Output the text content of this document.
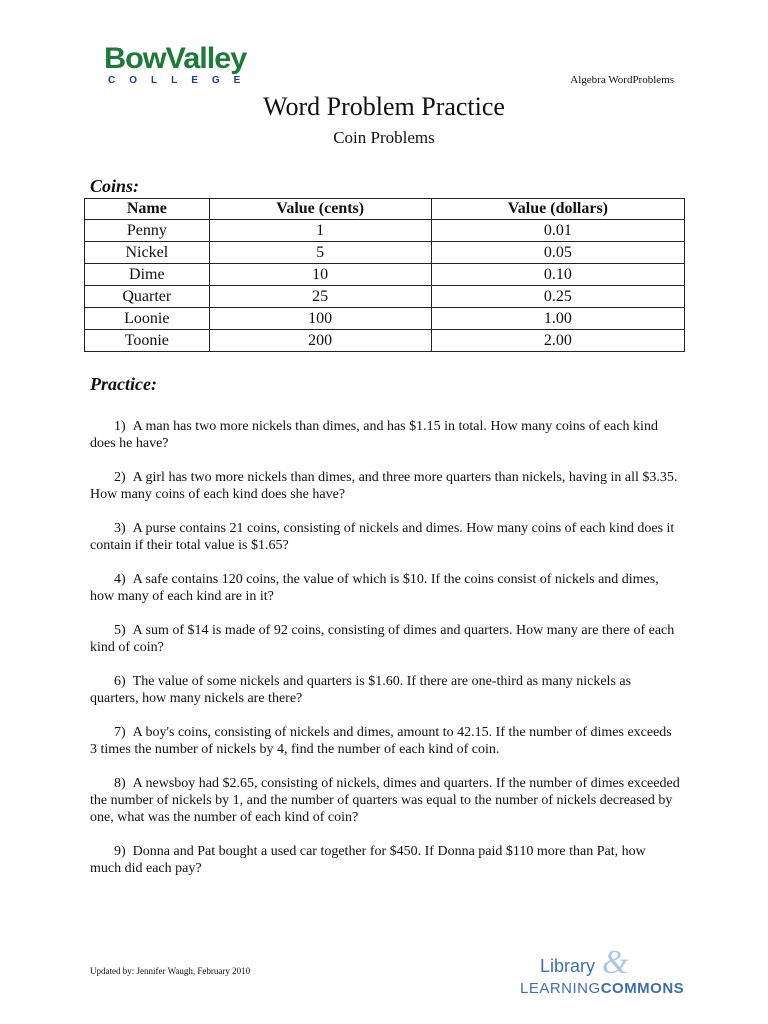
BowValley
COLLEGE	Algebra WordProblems
Word Problem Practice
Coin Problems
Coins:
Name	Value (cents)	Value (dollars)
Penny	1	0.01
Nickel	5	0.05
Dime	10	0.10
Quarter	25	0.25
Loonie	100	1.00
Toonie	200	2.00
Practice:

1)  A man has two more nickels than dimes, and has $1.15 in total. How many coins of each kind does he have?

2)  A girl has two more nickels than dimes, and three more quarters than nickels, having in all $3.35. How many coins of each kind does she have?

3)  A purse contains 21 coins, consisting of nickels and dimes. How many coins of each kind does it contain if their total value is $1.65?

4)  A safe contains 120 coins, the value of which is $10. If the coins consist of nickels and dimes, how many of each kind are in it?

5)  A sum of $14 is made of 92 coins, consisting of dimes and quarters. How many are there of each kind of coin?

6)  The value of some nickels and quarters is $1.60. If there are one-third as many nickels as quarters, how many nickels are there?

7)  A boy's coins, consisting of nickels and dimes, amount to 42.15. If the number of dimes exceeds 3 times the number of nickels by 4, find the number of each kind of coin.

8)  A newsboy had $2.65, consisting of nickels, dimes and quarters. If the number of dimes exceeded the number of nickels by 1, and the number of quarters was equal to the number of nickels decreased by one, what was the number of each kind of coin?

9)  Donna and Pat bought a used car together for $450. If Donna paid $110 more than Pat, how much did each pay?

Updated by: Jennifer Waugh, February 2010	&
Library
LEARNINGCOMMONS
